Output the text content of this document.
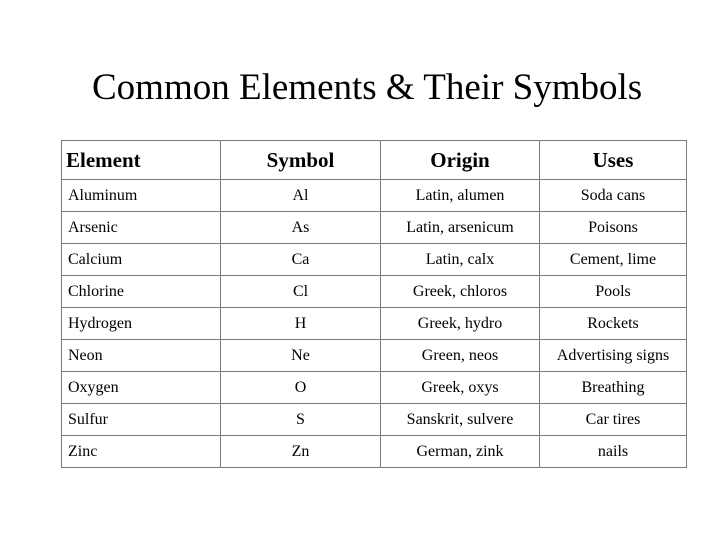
Common Elements & Their Symbols
Element	Symbol	Origin	Uses
Aluminum	Al	Latin, alumen	Soda cans
Arsenic	As	Latin, arsenicum	Poisons
Calcium	Ca	Latin, calx	Cement, lime
Chlorine	Cl	Greek, chloros	Pools
Hydrogen	H	Greek, hydro	Rockets
Neon	Ne	Green, neos	Advertising signs
Oxygen	O	Greek, oxys	Breathing
Sulfur	S	Sanskrit, sulvere	Car tires
Zinc	Zn	German, zink	nails
